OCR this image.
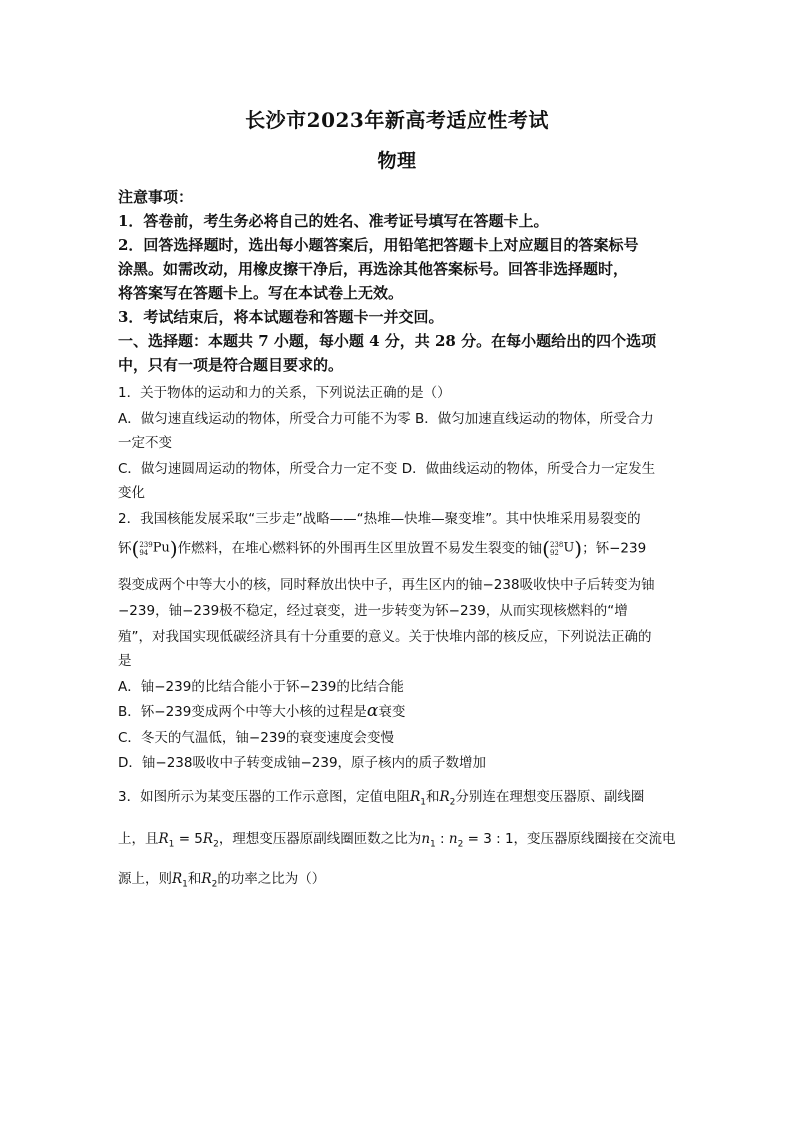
长沙市2023年新高考适应性考试
物理
注意事项：
1．答卷前，考生务必将自己的姓名、准考证号填写在答题卡上。
2．回答选择题时，选出每小题答案后，用铅笔把答题卡上对应题目的答案标号
涂黑。如需改动，用橡皮擦干净后，再选涂其他答案标号。回答非选择题时，
将答案写在答题卡上。写在本试卷上无效。
3．考试结束后，将本试题卷和答题卡一并交回。
一、选择题：本题共 7 小题，每小题 4 分，共 28 分。在每小题给出的四个选项
中，只有一项是符合题目要求的。
1．关于物体的运动和力的关系，下列说法正确的是（）
A．做匀速直线运动的物体，所受合力可能不为零 B．做匀加速直线运动的物体，所受合力
一定不变
C．做匀速圆周运动的物体，所受合力一定不变 D．做曲线运动的物体，所受合力一定发生
变化
2．我国核能发展采取“三步走”战略——“热堆—快堆—聚变堆”。其中快堆采用易裂变的
钚( 239
94 Pu)作燃料，在堆心燃料钚的外围再生区里放置不易发生裂变的铀( 238
92 U)；钚−239
裂变成两个中等大小的核，同时释放出快中子，再生区内的铀−238吸收快中子后转变为铀
−239，铀−239极不稳定，经过衰变，进一步转变为钚−239，从而实现核燃料的“增
殖”，对我国实现低碳经济具有十分重要的意义。关于快堆内部的核反应，下列说法正确的
是
A．铀−239的比结合能小于钚−239的比结合能
B．钚−239变成两个中等大小核的过程是α衰变
C．冬天的气温低，铀−239的衰变速度会变慢
D．铀−238吸收中子转变成铀−239，原子核内的质子数增加
3．如图所示为某变压器的工作示意图，定值电阻$R_1$和$R_2$分别连在理想变压器原、副线圈
上，且$R_1 = 5R_2$，理想变压器原副线圈匝数之比为$n_1$ : $n_2 = 3$ : 1，变压器原线圈接在交流电
源上，则$R_1$和$R_2$的功率之比为（）
